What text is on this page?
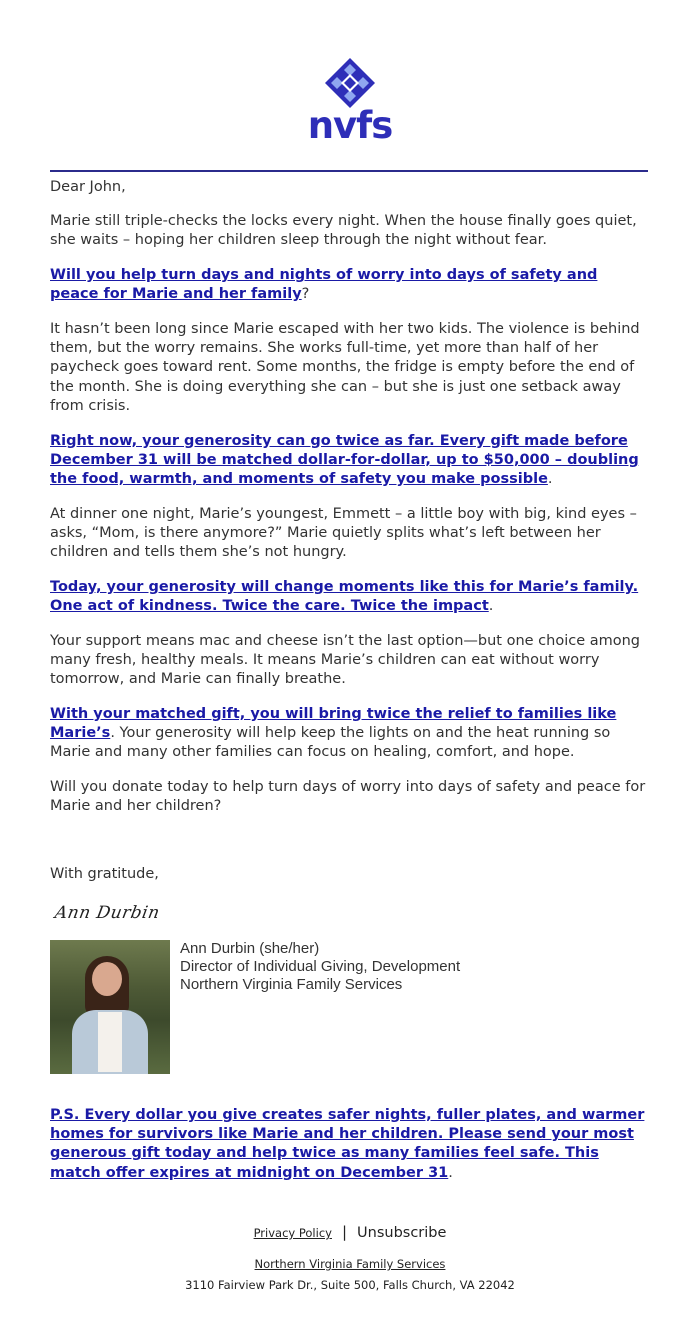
nvfs

Dear John,

Marie still triple-checks the locks every night. When the house finally goes quiet, she waits – hoping her children sleep through the night without fear.

Will you help turn days and nights of worry into days of safety and peace for Marie and her family?

It hasn’t been long since Marie escaped with her two kids. The violence is behind them, but the worry remains. She works full-time, yet more than half of her paycheck goes toward rent. Some months, the fridge is empty before the end of the month. She is doing everything she can – but she is just one setback away from crisis.

Right now, your generosity can go twice as far. Every gift made before December 31 will be matched dollar-for-dollar, up to $50,000 – doubling the food, warmth, and moments of safety you make possible.

At dinner one night, Marie’s youngest, Emmett – a little boy with big, kind eyes – asks, “Mom, is there anymore?” Marie quietly splits what’s left between her children and tells them she’s not hungry.

Today, your generosity will change moments like this for Marie’s family. One act of kindness. Twice the care. Twice the impact.

Your support means mac and cheese isn’t the last option—but one choice among many fresh, healthy meals. It means Marie’s children can eat without worry tomorrow, and Marie can finally breathe.

With your matched gift, you will bring twice the relief to families like Marie’s. Your generosity will help keep the lights on and the heat running so Marie and many other families can focus on healing, comfort, and hope.

Will you donate today to help turn days of worry into days of safety and peace for Marie and her children?

With gratitude,
Ann Durbin
Ann Durbin (she/her)
Director of Individual Giving, Development
Northern Virginia Family Services
P.S. Every dollar you give creates safer nights, fuller plates, and warmer homes for survivors like Marie and her children. Please send your most generous gift today and help twice as many families feel safe. This match offer expires at midnight on December 31.
Privacy Policy | Unsubscribe
Northern Virginia Family Services
3110 Fairview Park Dr., Suite 500, Falls Church, VA 22042
